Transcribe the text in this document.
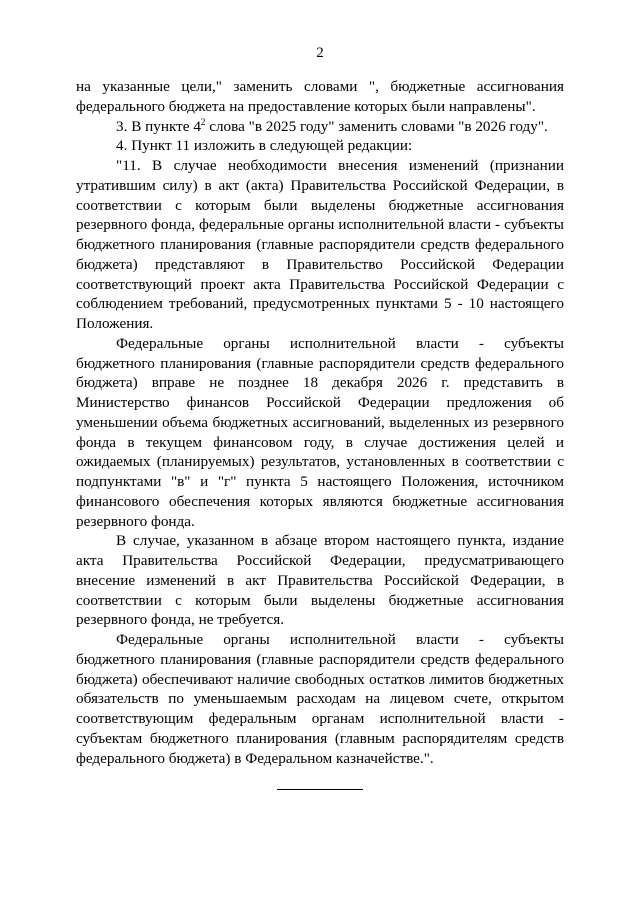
2

на указанные цели," заменить словами ", бюджетные ассигнования федерального бюджета на предоставление которых были направлены".

3. В пункте $4^2$ слова "в 2025 году" заменить словами "в 2026 году".

4. Пункт 11 изложить в следующей редакции:

"11. В случае необходимости внесения изменений (признании утратившим силу) в акт (акта) Правительства Российской Федерации, в соответствии с которым были выделены бюджетные ассигнования резервного фонда, федеральные органы исполнительной власти - субъекты бюджетного планирования (главные распорядители средств федерального бюджета) представляют в Правительство Российской Федерации соответствующий проект акта Правительства Российской Федерации с соблюдением требований, предусмотренных пунктами 5 - 10 настоящего Положения.

Федеральные органы исполнительной власти - субъекты бюджетного планирования (главные распорядители средств федерального бюджета) вправе не позднее 18 декабря 2026 г. представить в Министерство финансов Российской Федерации предложения об уменьшении объема бюджетных ассигнований, выделенных из резервного фонда в текущем финансовом году, в случае достижения целей и ожидаемых (планируемых) результатов, установленных в соответствии с подпунктами "в" и "г" пункта 5 настоящего Положения, источником финансового обеспечения которых являются бюджетные ассигнования резервного фонда.

В случае, указанном в абзаце втором настоящего пункта, издание акта Правительства Российской Федерации, предусматривающего внесение изменений в акт Правительства Российской Федерации, в соответствии с которым были выделены бюджетные ассигнования резервного фонда, не требуется.

Федеральные органы исполнительной власти - субъекты бюджетного планирования (главные распорядители средств федерального бюджета) обеспечивают наличие свободных остатков лимитов бюджетных обязательств по уменьшаемым расходам на лицевом счете, открытом соответствующим федеральным органам исполнительной власти - субъектам бюджетного планирования (главным распорядителям средств федерального бюджета) в Федеральном казначействе.".
